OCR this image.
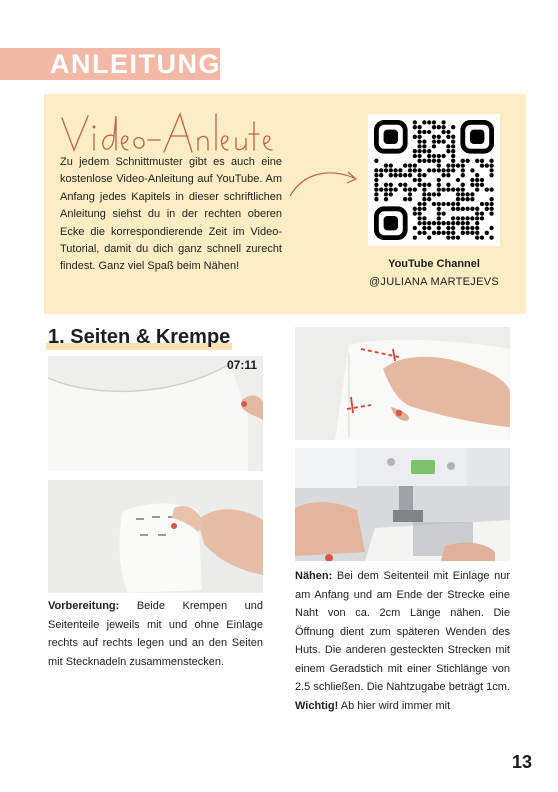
ANLEITUNG

Zu jedem Schnittmuster gibt es auch eine kostenlose Video-Anleitung auf YouTube. Am Anfang jedes Kapitels in dieser schriftlichen Anleitung siehst du in der rechten oberen Ecke die korrespondierende Zeit im Video-Tutorial, damit du dich ganz schnell zurecht findest. Ganz viel Spaß beim Nähen!	YouTube Channel
@JULIANA MARTEJEVS
1. Seiten & Krempe
07:11

Vorbereitung: Beide Krempen und Seitenteile jeweils mit und ohne Einlage rechts auf rechts legen und an den Seiten mit Stecknadeln zusammenstecken.

Nähen: Bei dem Seitenteil mit Einlage nur am Anfang und am Ende der Strecke eine Naht von ca. 2cm Länge nähen. Die Öffnung dient zum späteren Wenden des Huts. Die anderen gesteckten Strecken mit einem Geradstich mit einer Stichlänge von 2.5 schließen. Die Nahtzugabe beträgt 1cm. Wichtig! Ab hier wird immer mit

13
